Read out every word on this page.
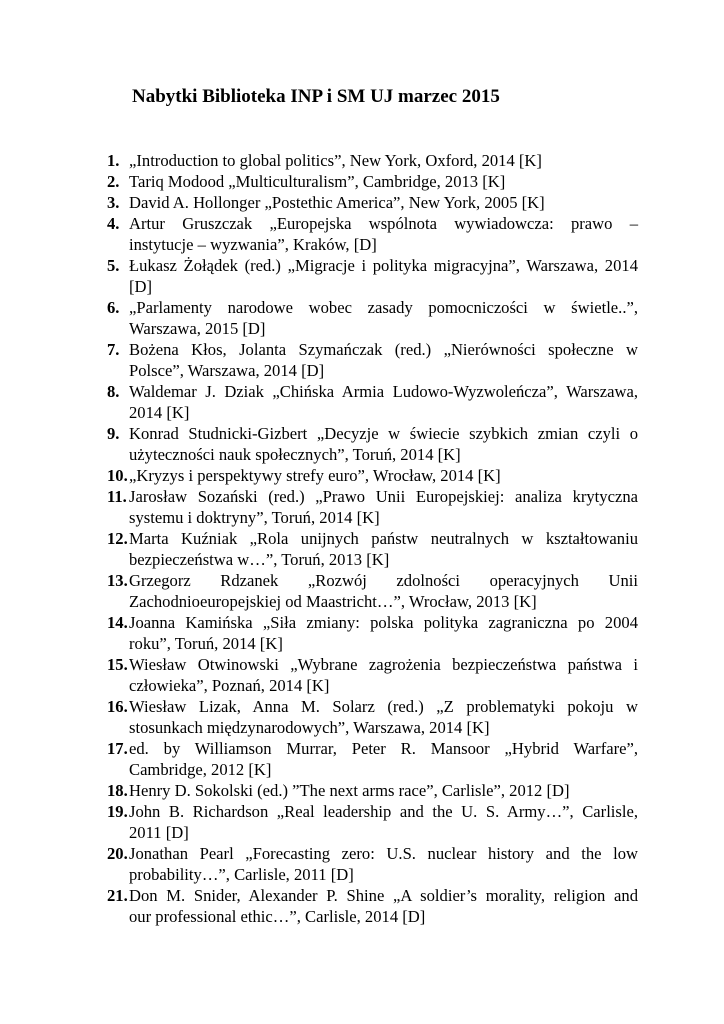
Nabytki Biblioteka INP i SM UJ marzec 2015
1. „Introduction to global politics”, New York, Oxford, 2014 [K]
2. Tariq Modood „Multiculturalism”, Cambridge, 2013 [K]
3. David A. Hollonger „Postethic America”, New York, 2005 [K]
4. Artur Gruszczak „Europejska wspólnota wywiadowcza: prawo –
instytucje – wyzwania”, Kraków, [D]
5. Łukasz Żołądek (red.) „Migracje i polityka migracyjna”, Warszawa, 2014
[D]
6. „Parlamenty narodowe wobec zasady pomocniczości w świetle..”,
Warszawa, 2015 [D]
7. Bożena Kłos, Jolanta Szymańczak (red.) „Nierówności społeczne w
Polsce”, Warszawa, 2014 [D]
8. Waldemar J. Dziak „Chińska Armia Ludowo-Wyzwoleńcza”, Warszawa,
2014 [K]
9. Konrad Studnicki-Gizbert „Decyzje w świecie szybkich zmian czyli o
użyteczności nauk społecznych”, Toruń, 2014 [K]
10. „Kryzys i perspektywy strefy euro”, Wrocław, 2014 [K]
11. Jarosław Sozański (red.) „Prawo Unii Europejskiej: analiza krytyczna
systemu i doktryny”, Toruń, 2014 [K]
12. Marta Kuźniak „Rola unijnych państw neutralnych w kształtowaniu
bezpieczeństwa w…”, Toruń, 2013 [K]
13. Grzegorz Rdzanek „Rozwój zdolności operacyjnych Unii
Zachodnioeuropejskiej od Maastricht…”, Wrocław, 2013 [K]
14. Joanna Kamińska „Siła zmiany: polska polityka zagraniczna po 2004
roku”, Toruń, 2014 [K]
15. Wiesław Otwinowski „Wybrane zagrożenia bezpieczeństwa państwa i
człowieka”, Poznań, 2014 [K]
16. Wiesław Lizak, Anna M. Solarz (red.) „Z problematyki pokoju w
stosunkach międzynarodowych”, Warszawa, 2014 [K]
17. ed. by Williamson Murrar, Peter R. Mansoor „Hybrid Warfare”,
Cambridge, 2012 [K]
18. Henry D. Sokolski (ed.) ”The next arms race”, Carlisle”, 2012 [D]
19. John B. Richardson „Real leadership and the U. S. Army…”, Carlisle,
2011 [D]
20. Jonathan Pearl „Forecasting zero: U.S. nuclear history and the low
probability…”, Carlisle, 2011 [D]
21. Don M. Snider, Alexander P. Shine „A soldier’s morality, religion and
our professional ethic…”, Carlisle, 2014 [D]
